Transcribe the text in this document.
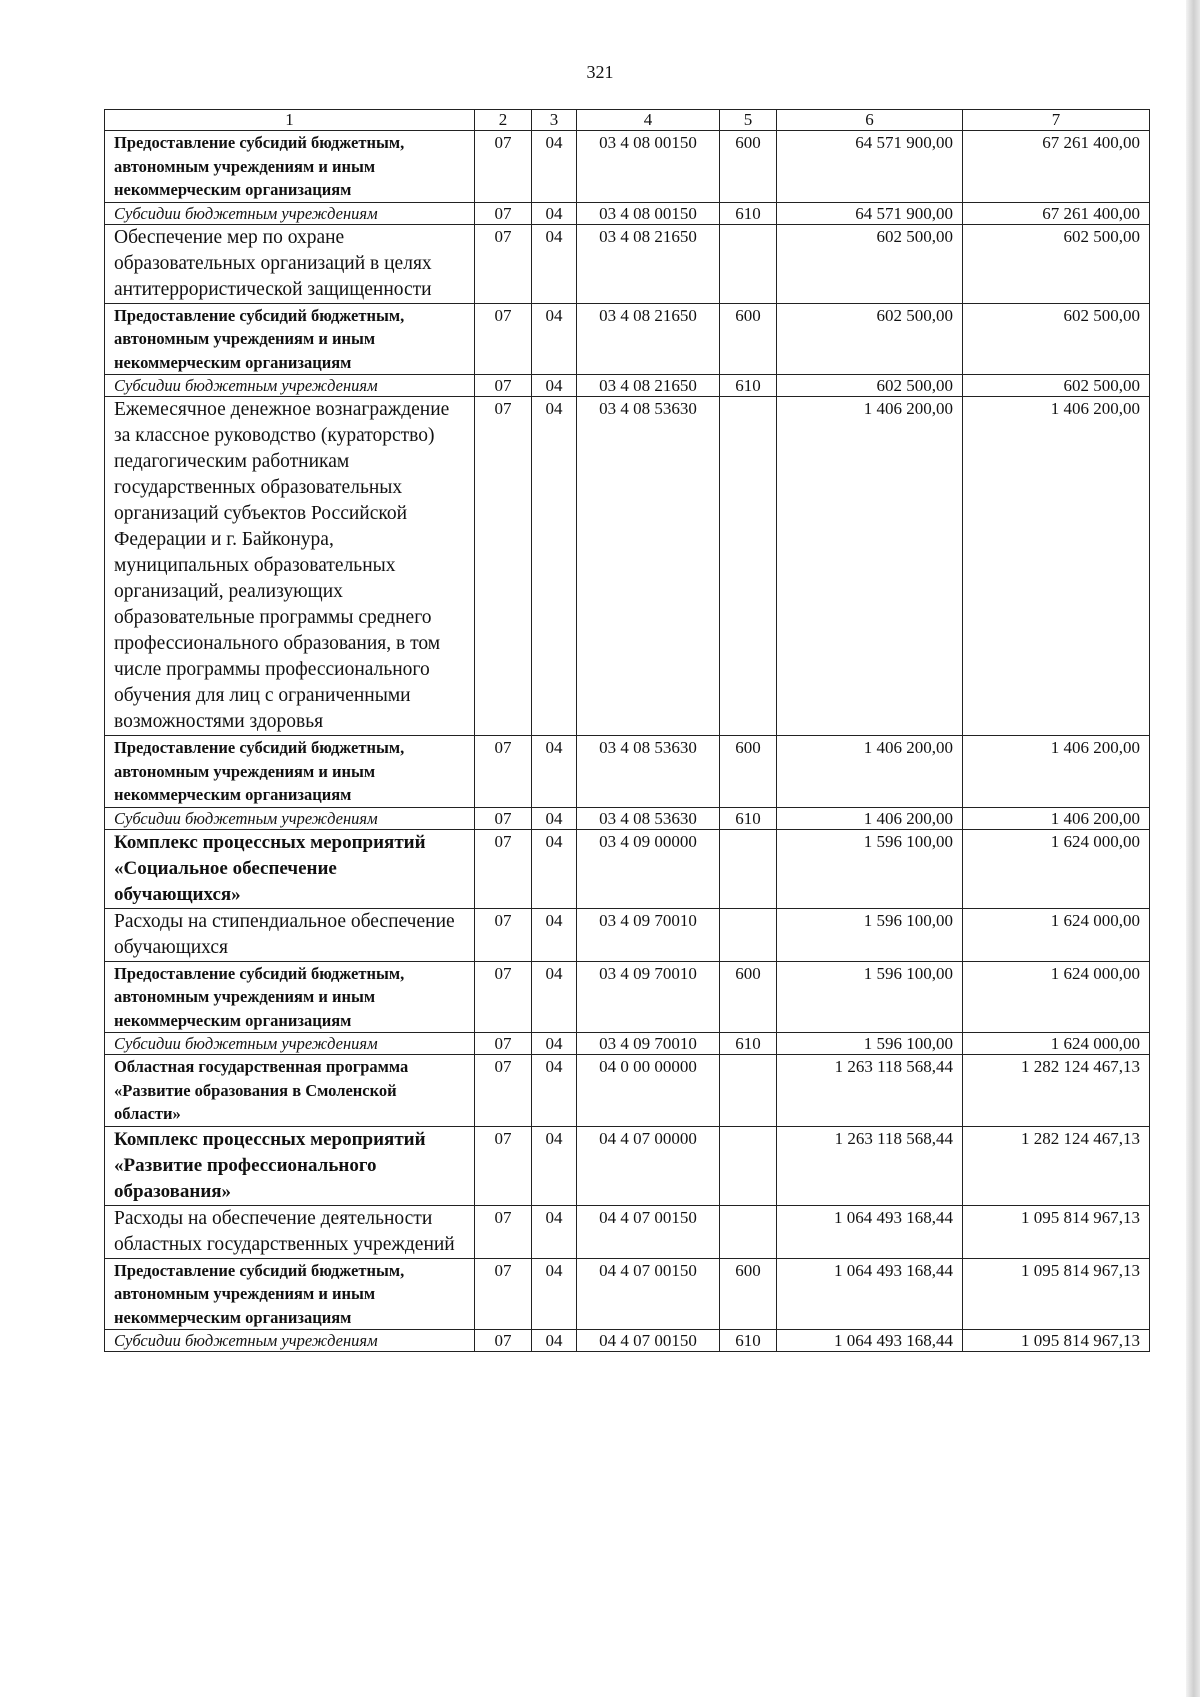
321
1	2	3	4	5	6	7
Предоставление субсидий бюджетным, автономным учреждениям и иным некоммерческим организациям	07	04	03 4 08 00150	600	64 571 900,00	67 261 400,00
Субсидии бюджетным учреждениям	07	04	03 4 08 00150	610	64 571 900,00	67 261 400,00
Обеспечение мер по охране образовательных организаций в целях антитеррористической защищенности	07	04	03 4 08 21650		602 500,00	602 500,00
Предоставление субсидий бюджетным, автономным учреждениям и иным некоммерческим организациям	07	04	03 4 08 21650	600	602 500,00	602 500,00
Субсидии бюджетным учреждениям	07	04	03 4 08 21650	610	602 500,00	602 500,00
Ежемесячное денежное вознаграждение за классное руководство (кураторство) педагогическим работникам государственных образовательных организаций субъектов Российской Федерации и г. Байконура, муниципальных образовательных организаций, реализующих образовательные программы среднего профессионального образования, в том числе программы профессионального обучения для лиц с ограниченными возможностями здоровья	07	04	03 4 08 53630		1 406 200,00	1 406 200,00
Предоставление субсидий бюджетным, автономным учреждениям и иным некоммерческим организациям	07	04	03 4 08 53630	600	1 406 200,00	1 406 200,00
Субсидии бюджетным учреждениям	07	04	03 4 08 53630	610	1 406 200,00	1 406 200,00
Комплекс процессных мероприятий «Социальное обеспечение обучающихся»	07	04	03 4 09 00000		1 596 100,00	1 624 000,00
Расходы на стипендиальное обеспечение обучающихся	07	04	03 4 09 70010		1 596 100,00	1 624 000,00
Предоставление субсидий бюджетным, автономным учреждениям и иным некоммерческим организациям	07	04	03 4 09 70010	600	1 596 100,00	1 624 000,00
Субсидии бюджетным учреждениям	07	04	03 4 09 70010	610	1 596 100,00	1 624 000,00
Областная государственная программа «Развитие образования в Смоленской области»	07	04	04 0 00 00000		1 263 118 568,44	1 282 124 467,13
Комплекс процессных мероприятий «Развитие профессионального образования»	07	04	04 4 07 00000		1 263 118 568,44	1 282 124 467,13
Расходы на обеспечение деятельности областных государственных учреждений	07	04	04 4 07 00150		1 064 493 168,44	1 095 814 967,13
Предоставление субсидий бюджетным, автономным учреждениям и иным некоммерческим организациям	07	04	04 4 07 00150	600	1 064 493 168,44	1 095 814 967,13
Субсидии бюджетным учреждениям	07	04	04 4 07 00150	610	1 064 493 168,44	1 095 814 967,13
